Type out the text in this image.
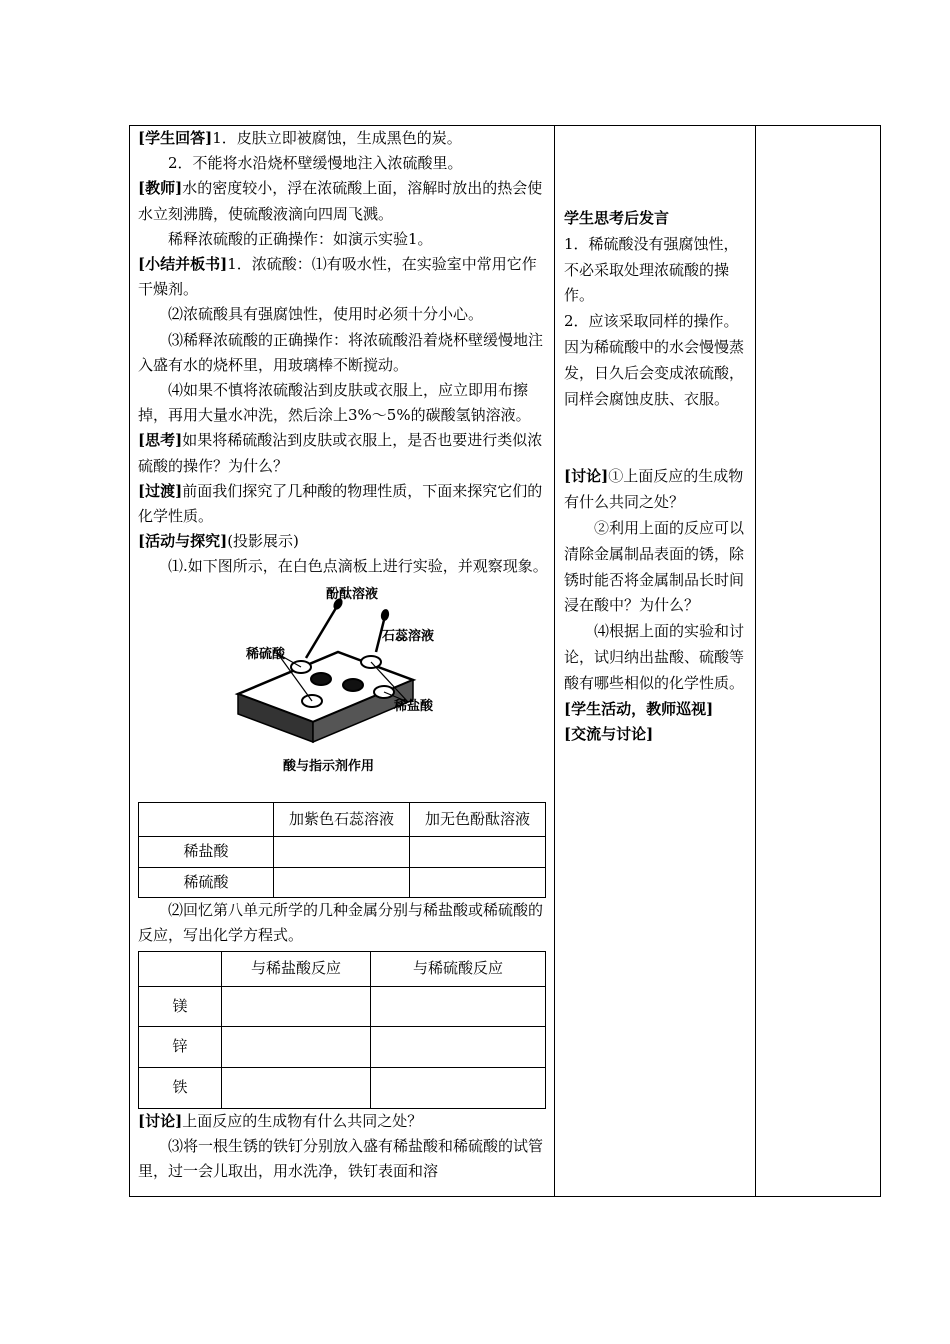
[学生回答]1．皮肤立即被腐蚀，生成黑色的炭。

2．不能将水沿烧杯壁缓慢地注入浓硫酸里。

[教师]水的密度较小，浮在浓硫酸上面，溶解时放出的热会使水立刻沸腾，使硫酸液滴向四周飞溅。

稀释浓硫酸的正确操作：如演示实验1。

[小结并板书]1．浓硫酸：⑴有吸水性，在实验室中常用它作干燥剂。

⑵浓硫酸具有强腐蚀性，使用时必须十分小心。

⑶稀释浓硫酸的正确操作：将浓硫酸沿着烧杯壁缓慢地注入盛有水的烧杯里，用玻璃棒不断搅动。

⑷如果不慎将浓硫酸沾到皮肤或衣服上，应立即用布擦掉，再用大量水冲洗，然后涂上3%～5%的碳酸氢钠溶液。

[思考]如果将稀硫酸沾到皮肤或衣服上，是否也要进行类似浓硫酸的操作？为什么？

[过渡]前面我们探究了几种酸的物理性质，下面来探究它们的化学性质。

[活动与探究](投影展示)

⑴.如下图所示，在白色点滴板上进行实验，并观察现象。

酚酞溶液
石蕊溶液
稀硫酸
稀盐酸
酸与指示剂作用
	加紫色石蕊溶液	加无色酚酞溶液
稀盐酸		
稀硫酸		

⑵回忆第八单元所学的几种金属分别与稀盐酸或稀硫酸的反应，写出化学方程式。

	与稀盐酸反应	与稀硫酸反应
镁		
锌		
铁		

[讨论]上面反应的生成物有什么共同之处？

⑶将一根生锈的铁钉分别放入盛有稀盐酸和稀硫酸的试管里，过一会儿取出，用水洗净，铁钉表面和溶

学生思考后发言

1．稀硫酸没有强腐蚀性，不必采取处理浓硫酸的操作。

2．应该采取同样的操作。因为稀硫酸中的水会慢慢蒸发，日久后会变成浓硫酸，同样会腐蚀皮肤、衣服。

[讨论]①上面反应的生成物有什么共同之处？

②利用上面的反应可以清除金属制品表面的锈，除锈时能否将金属制品长时间浸在酸中？为什么？

⑷根据上面的实验和讨论，试归纳出盐酸、硫酸等酸有哪些相似的化学性质。

[学生活动，教师巡视]

[交流与讨论]
